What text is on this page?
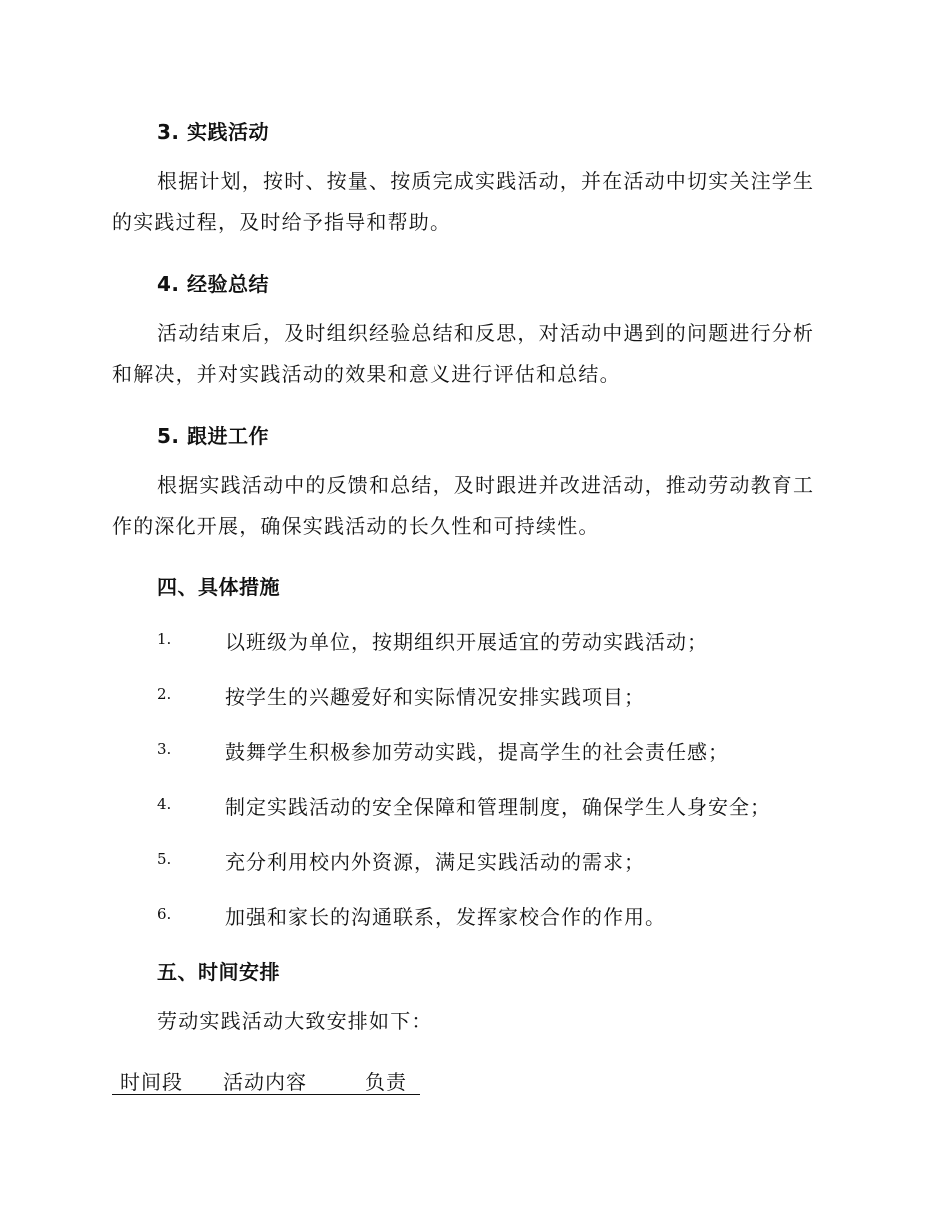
3. 实践活动

根据计划，按时、按量、按质完成实践活动，并在活动中切实关注学生的实践过程，及时给予指导和帮助。

4. 经验总结

活动结束后，及时组织经验总结和反思，对活动中遇到的问题进行分析和解决，并对实践活动的效果和意义进行评估和总结。

5. 跟进工作

根据实践活动中的反馈和总结，及时跟进并改进活动，推动劳动教育工作的深化开展，确保实践活动的长久性和可持续性。

四、具体措施
1.	以班级为单位，按期组织开展适宜的劳动实践活动；
2.	按学生的兴趣爱好和实际情况安排实践项目；
3.	鼓舞学生积极参加劳动实践，提高学生的社会责任感；
4.	制定实践活动的安全保障和管理制度，确保学生人身安全；
5.	充分利用校内外资源，满足实践活动的需求；
6.	加强和家长的沟通联系，发挥家校合作的作用。
五、时间安排

劳动实践活动大致安排如下：

时间段 活动内容	负责
